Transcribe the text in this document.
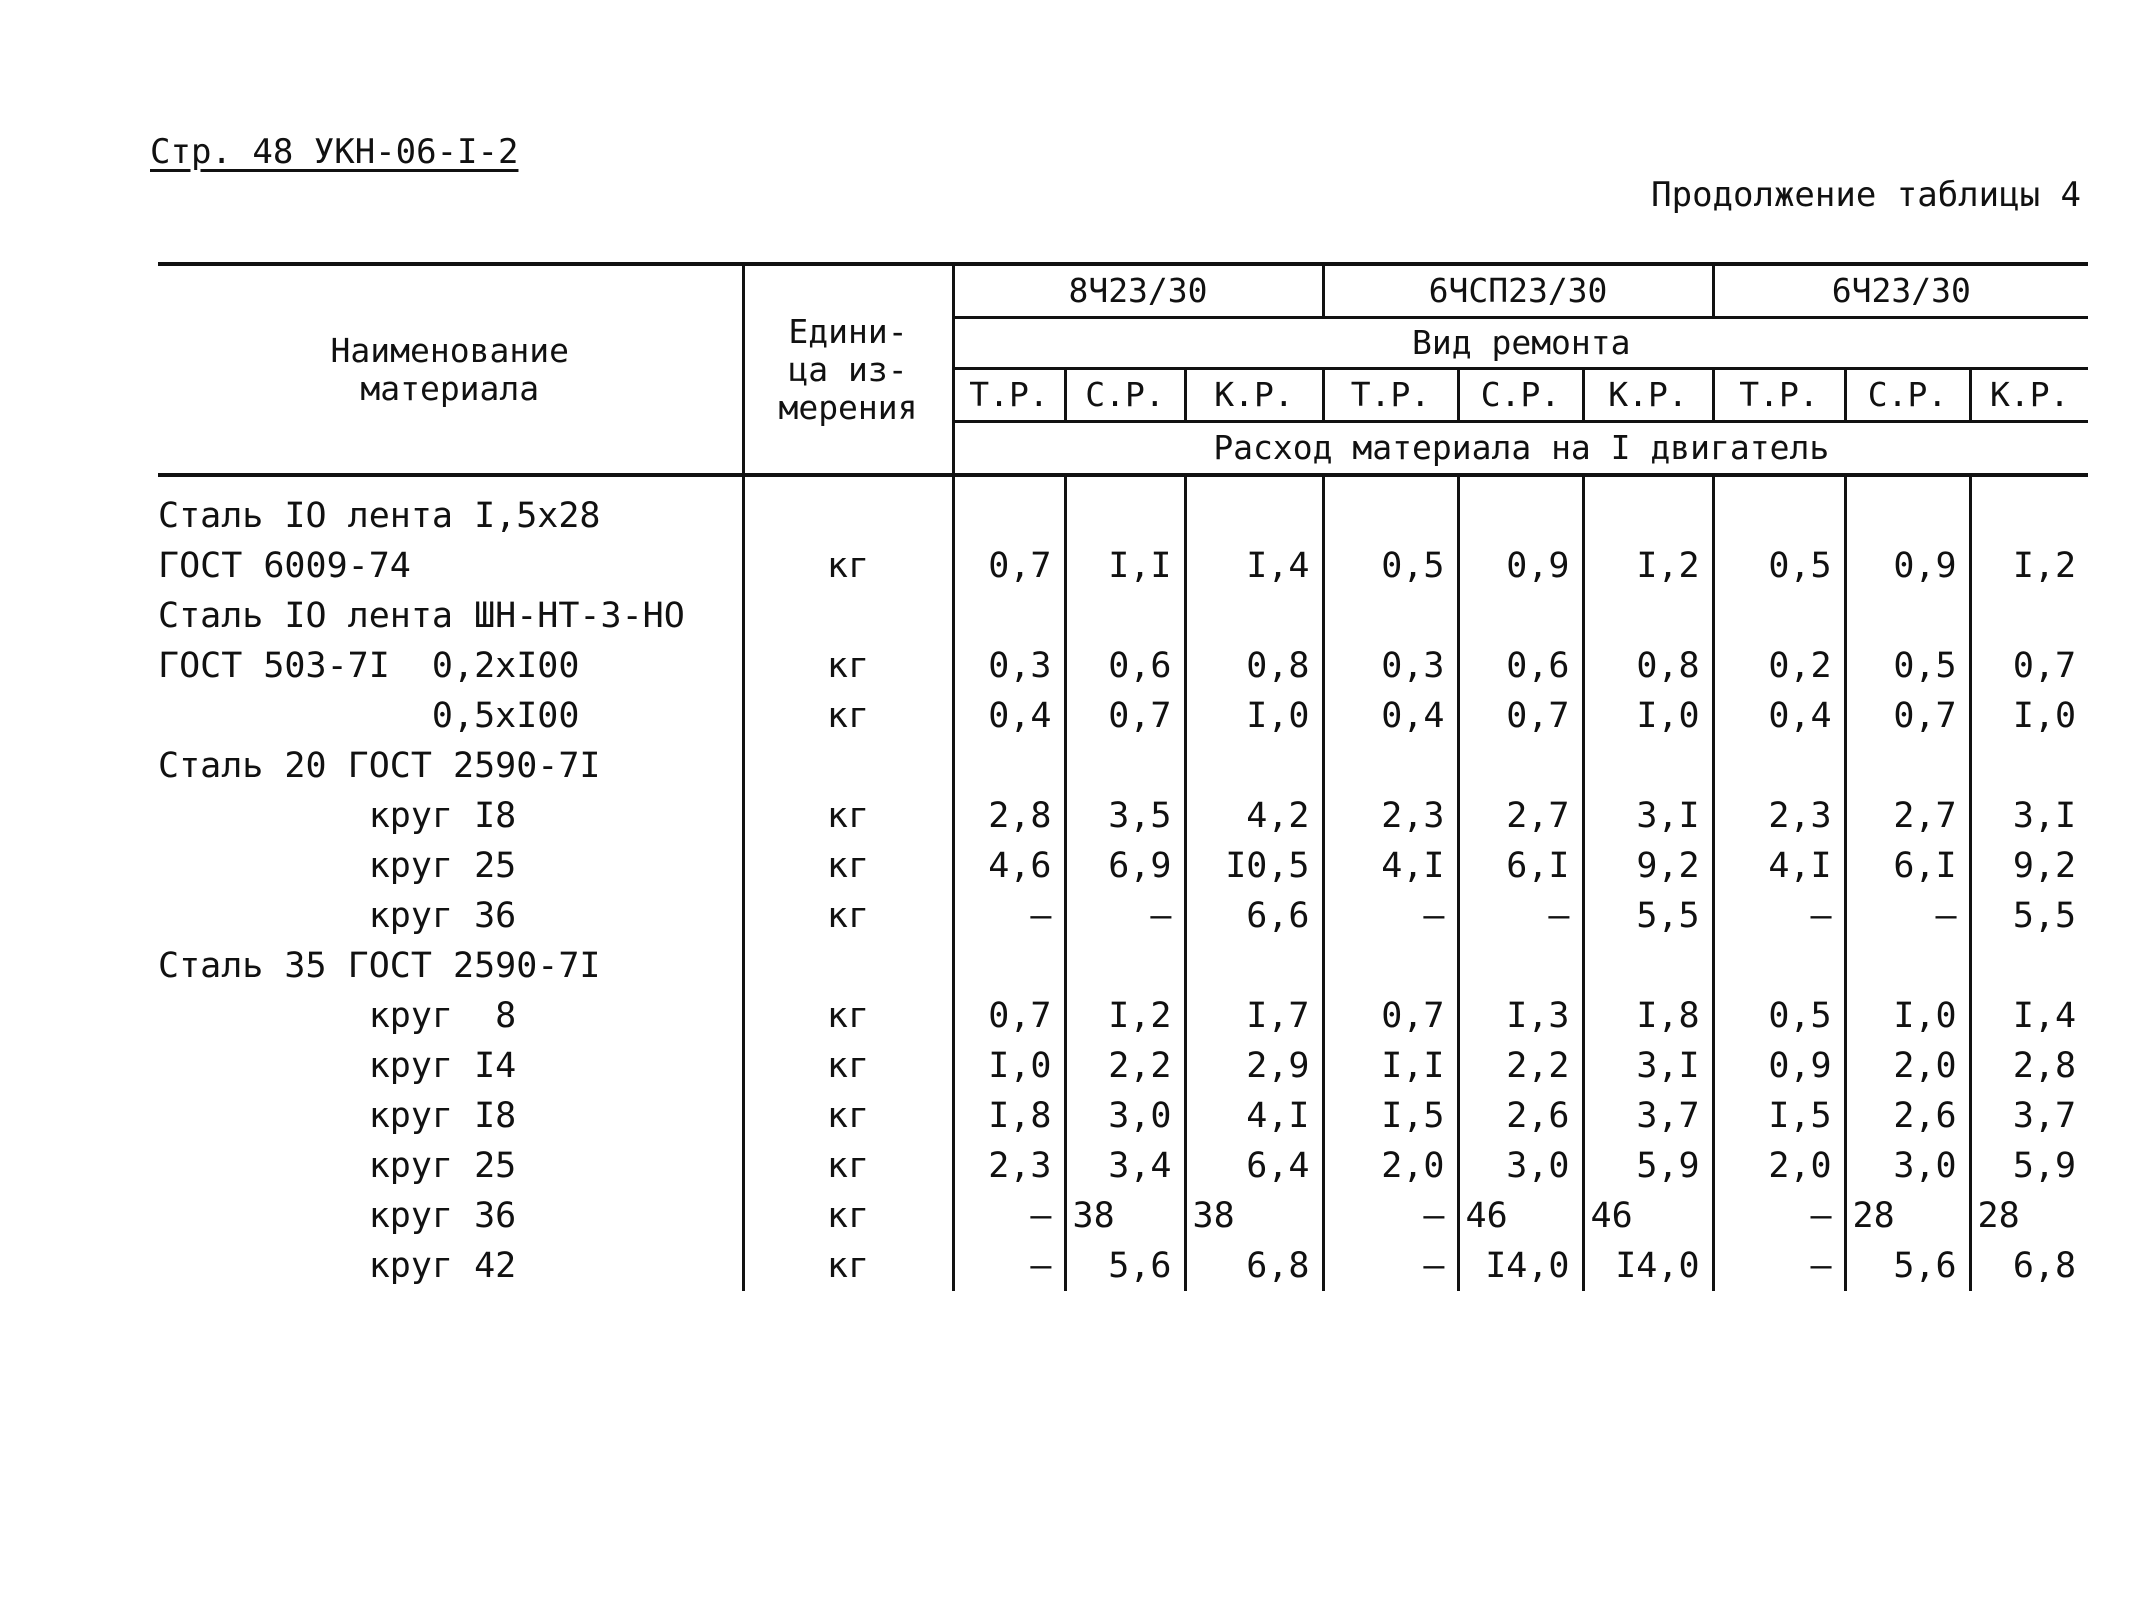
Стр. 48 УКН-06-I-2
Продолжение таблицы 4
Наименование
материала	Едини-
ца из-
мерения	8Ч23/30			6ЧСП23/30			6Ч23/30		
		Вид ремонта								
		Т.Р.	С.Р.	К.Р.	Т.Р.	С.Р.	К.Р.	Т.Р.	С.Р.	К.Р.
		Расход материала на I двигатель								
Сталь IO лента I,5х28										
ГОСТ 6009-74	кг	0,7	I,I	I,4	0,5	0,9	I,2	0,5	0,9	I,2
Сталь IO лента ШН-НТ-3-НО										
ГОСТ 503-7I  0,2хI00	кг	0,3	0,6	0,8	0,3	0,6	0,8	0,2	0,5	0,7
0,5хI00	кг	0,4	0,7	I,0	0,4	0,7	I,0	0,4	0,7	I,0
Сталь 20 ГОСТ 2590-7I										
круг I8	кг	2,8	3,5	4,2	2,3	2,7	3,I	2,3	2,7	3,I
круг 25	кг	4,6	6,9	I0,5	4,I	6,I	9,2	4,I	6,I	9,2
круг 36	кг	–	–	6,6	–	–	5,5	–	–	5,5
Сталь 35 ГОСТ 2590-7I										
круг  8	кг	0,7	I,2	I,7	0,7	I,3	I,8	0,5	I,0	I,4
круг I4	кг	I,0	2,2	2,9	I,I	2,2	3,I	0,9	2,0	2,8
круг I8	кг	I,8	3,0	4,I	I,5	2,6	3,7	I,5	2,6	3,7
круг 25	кг	2,3	3,4	6,4	2,0	3,0	5,9	2,0	3,0	5,9
круг 36	кг	–	38	38	–	46	46	–	28	28
круг 42	кг	–	5,6	6,8	–	I4,0	I4,0	–	5,6	6,8
